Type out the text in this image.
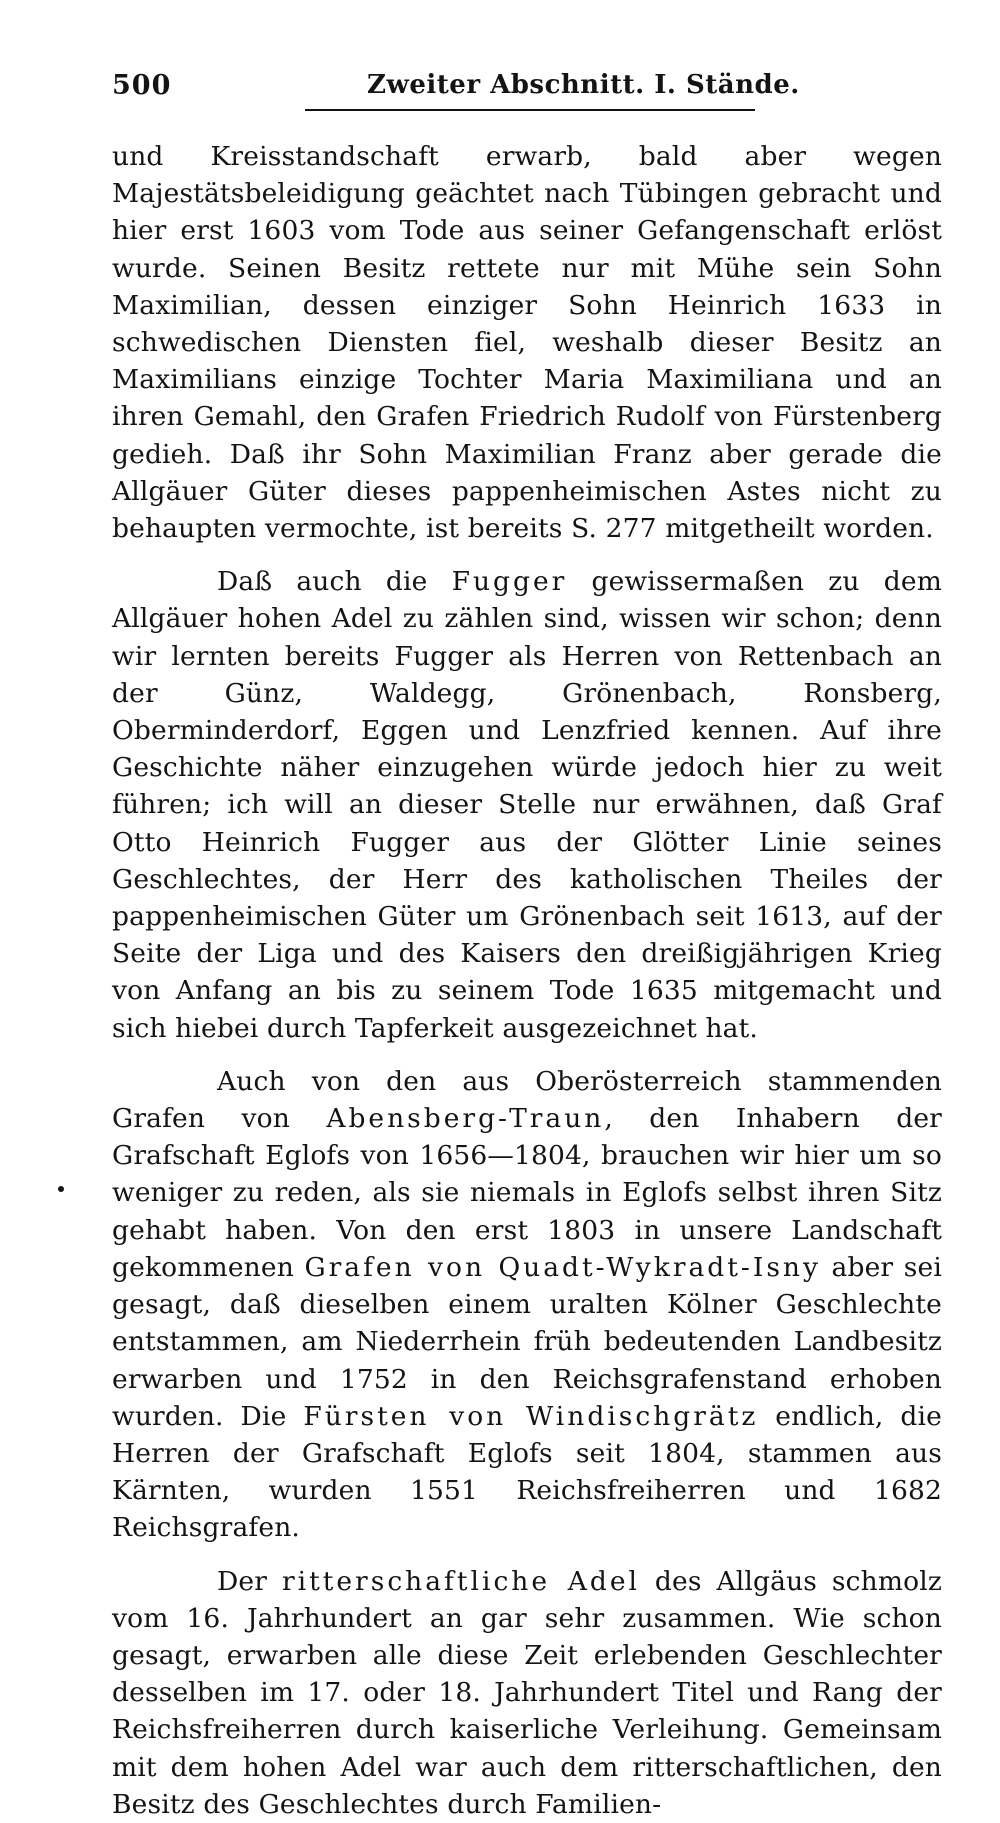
500	Zweiter Abschnitt. I. Stände.

und Kreisstandschaft erwarb, bald aber wegen Majestätsbeleidigung geächtet nach Tübingen gebracht und hier erst 1603 vom Tode aus seiner Gefangenschaft erlöst wurde. Seinen Besitz rettete nur mit Mühe sein Sohn Maximilian, dessen einziger Sohn Heinrich 1633 in schwedischen Diensten fiel, weshalb dieser Besitz an Maximilians einzige Tochter Maria Maximiliana und an ihren Gemahl, den Grafen Friedrich Rudolf von Fürstenberg gedieh. Daß ihr Sohn Maximilian Franz aber gerade die Allgäuer Güter dieses pappenheimischen Astes nicht zu behaupten vermochte, ist bereits S. 277 mitgetheilt worden.

Daß auch die Fugger gewissermaßen zu dem Allgäuer hohen Adel zu zählen sind, wissen wir schon; denn wir lernten bereits Fugger als Herren von Rettenbach an der Günz, Waldegg, Grönenbach, Ronsberg, Oberminderdorf, Eggen und Lenzfried kennen. Auf ihre Geschichte näher einzugehen würde jedoch hier zu weit führen; ich will an dieser Stelle nur erwähnen, daß Graf Otto Heinrich Fugger aus der Glötter Linie seines Geschlechtes, der Herr des katholischen Theiles der pappenheimischen Güter um Grönenbach seit 1613, auf der Seite der Liga und des Kaisers den dreißigjährigen Krieg von Anfang an bis zu seinem Tode 1635 mitgemacht und sich hiebei durch Tapferkeit ausgezeichnet hat.

Auch von den aus Oberösterreich stammenden Grafen von Abensberg-Traun, den Inhabern der Grafschaft Eglofs von 1656—1804, brauchen wir hier um so weniger zu reden, als sie niemals in Eglofs selbst ihren Sitz gehabt haben. Von den erst 1803 in unsere Landschaft gekommenen Grafen von Quadt-Wykradt-Isny aber sei gesagt, daß dieselben einem uralten Kölner Geschlechte entstammen, am Niederrhein früh bedeutenden Landbesitz erwarben und 1752 in den Reichsgrafenstand erhoben wurden. Die Fürsten von Windischgrätz endlich, die Herren der Grafschaft Eglofs seit 1804, stammen aus Kärnten, wurden 1551 Reichsfreiherren und 1682 Reichsgrafen.

Der ritterschaftliche Adel des Allgäus schmolz vom 16. Jahrhundert an gar sehr zusammen. Wie schon gesagt, erwarben alle diese Zeit erlebenden Geschlechter desselben im 17. oder 18. Jahrhundert Titel und Rang der Reichsfreiherren durch kaiserliche Verleihung. Gemeinsam mit dem hohen Adel war auch dem ritterschaftlichen, den Besitz des Geschlechtes durch Familien-
